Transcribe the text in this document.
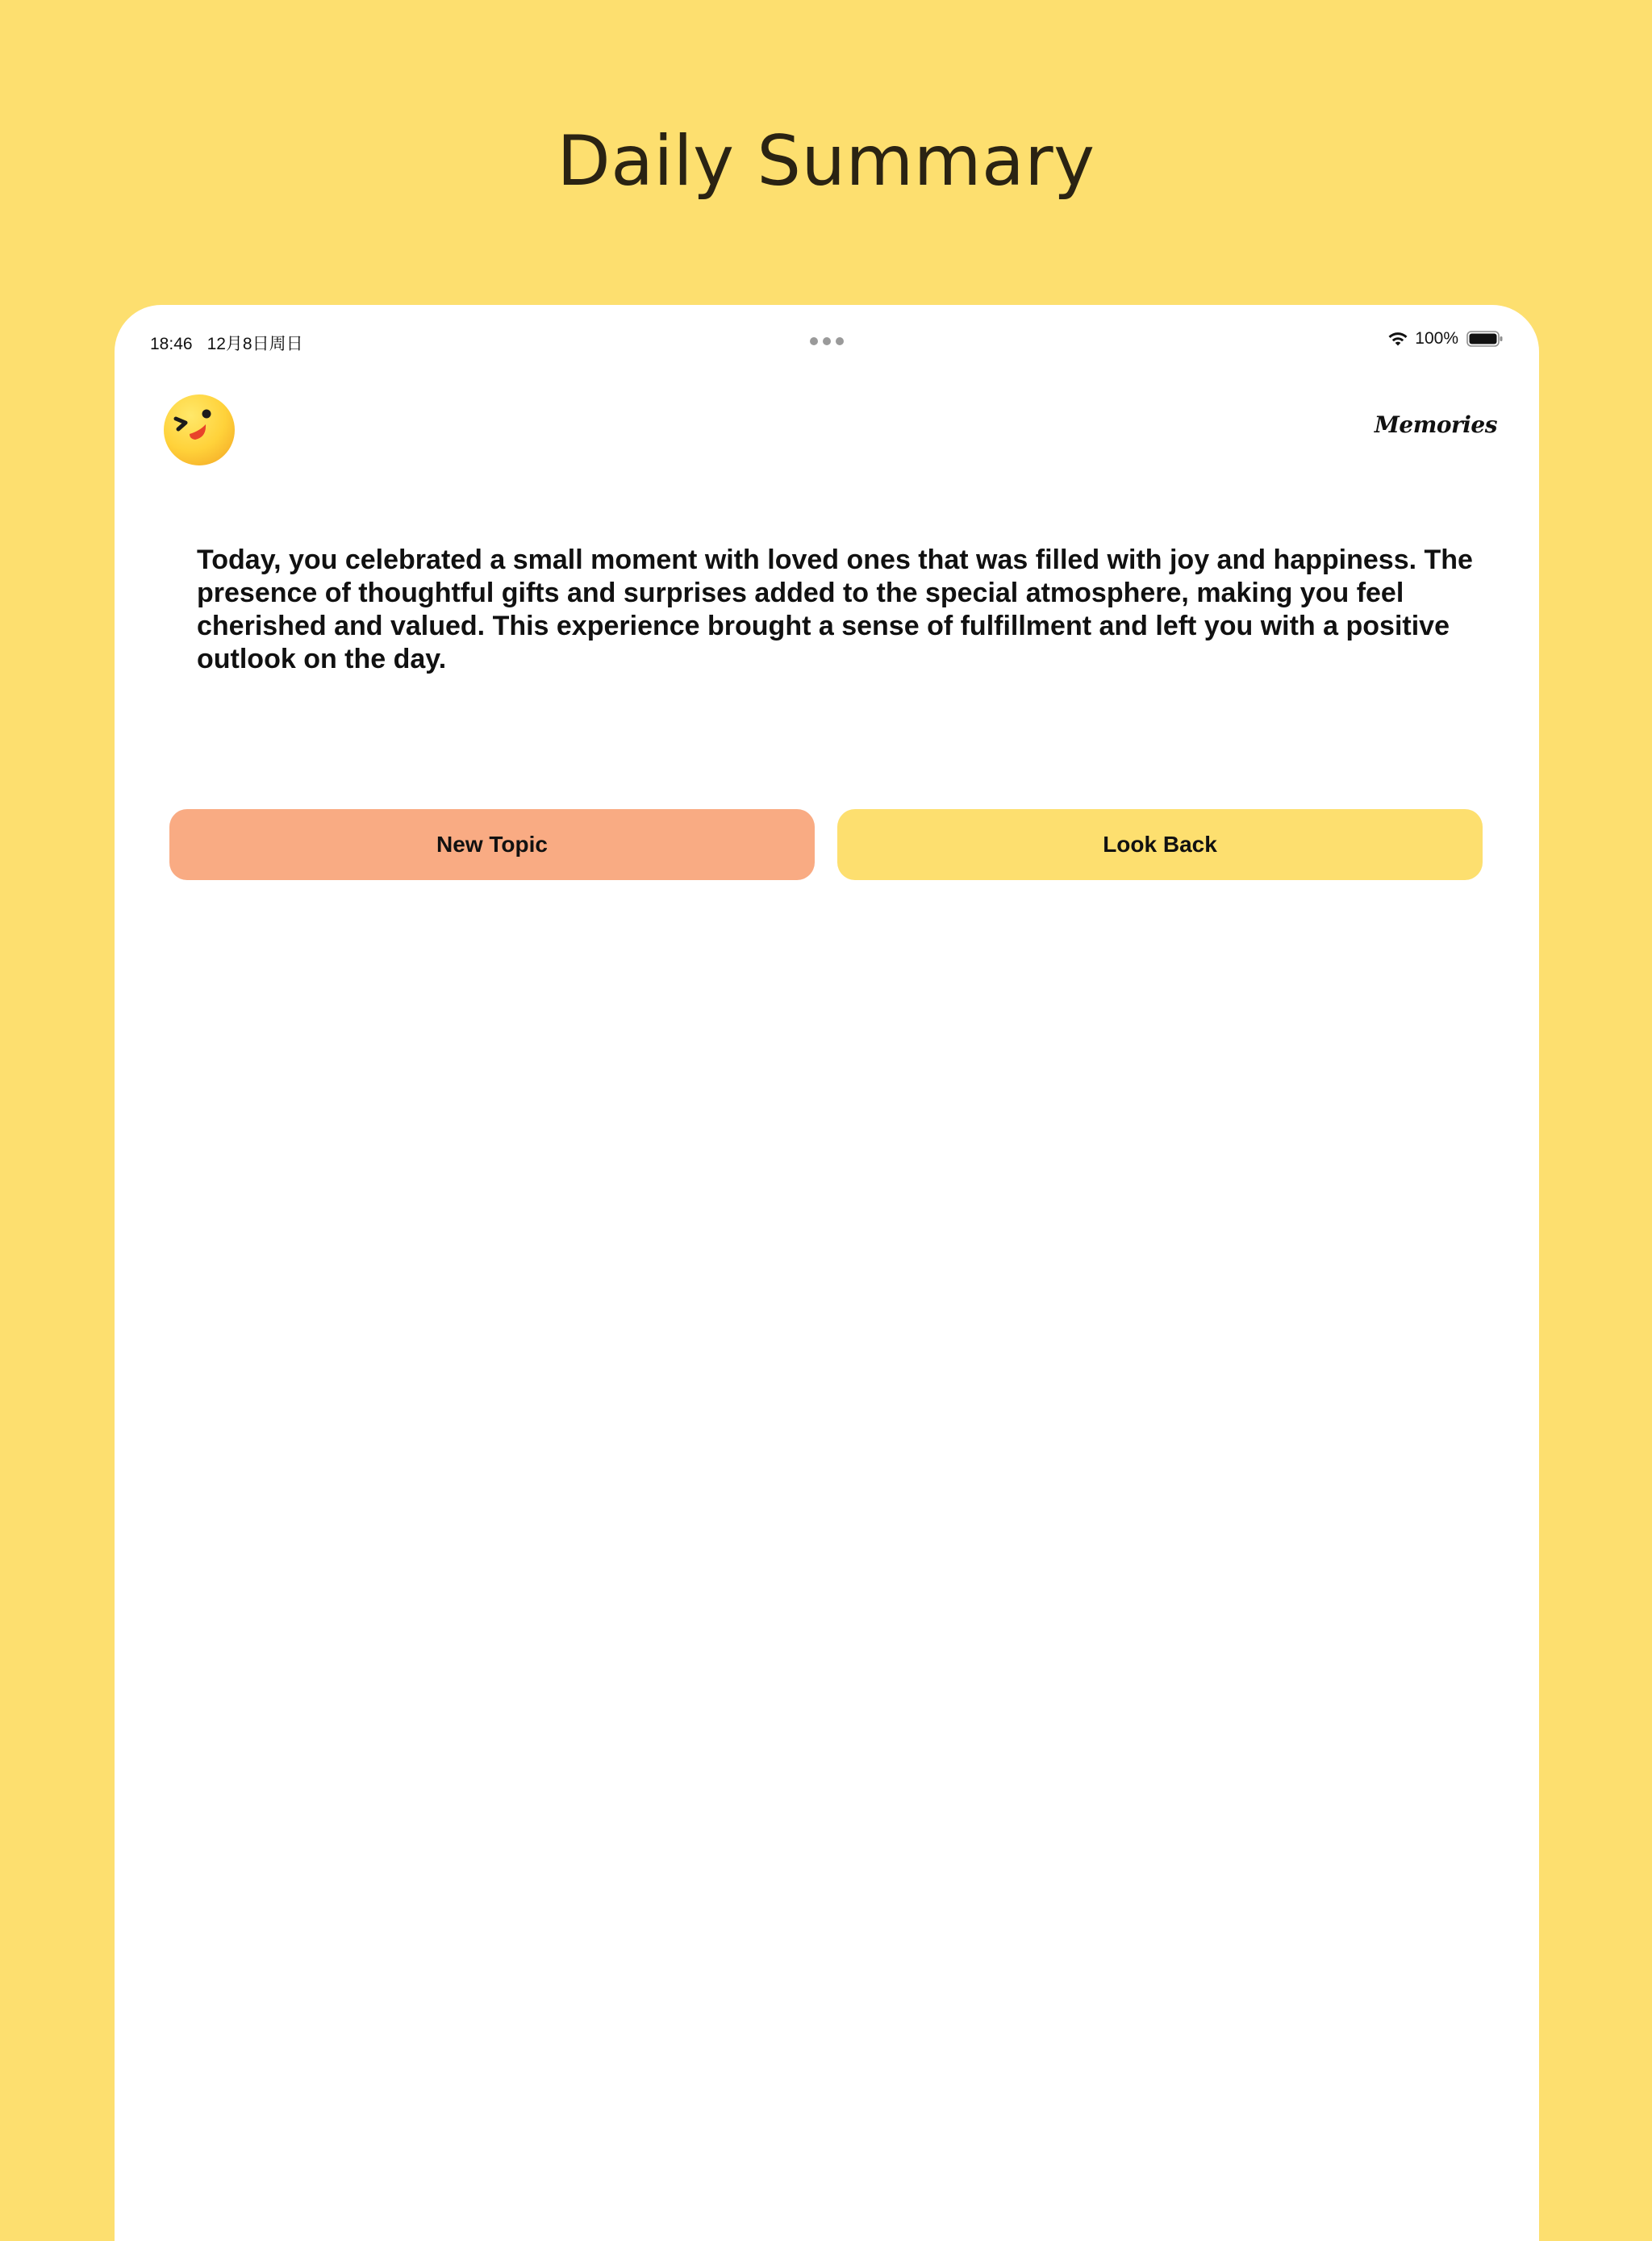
Daily Summary
18:46 12月8日周日	100%
Memories

Today, you celebrated a small moment with loved ones that was filled with joy and happiness. The presence of thoughtful gifts and surprises added to the special atmosphere, making you feel cherished and valued. This experience brought a sense of fulfillment and left you with a positive outlook on the day.

New Topic	Look Back
